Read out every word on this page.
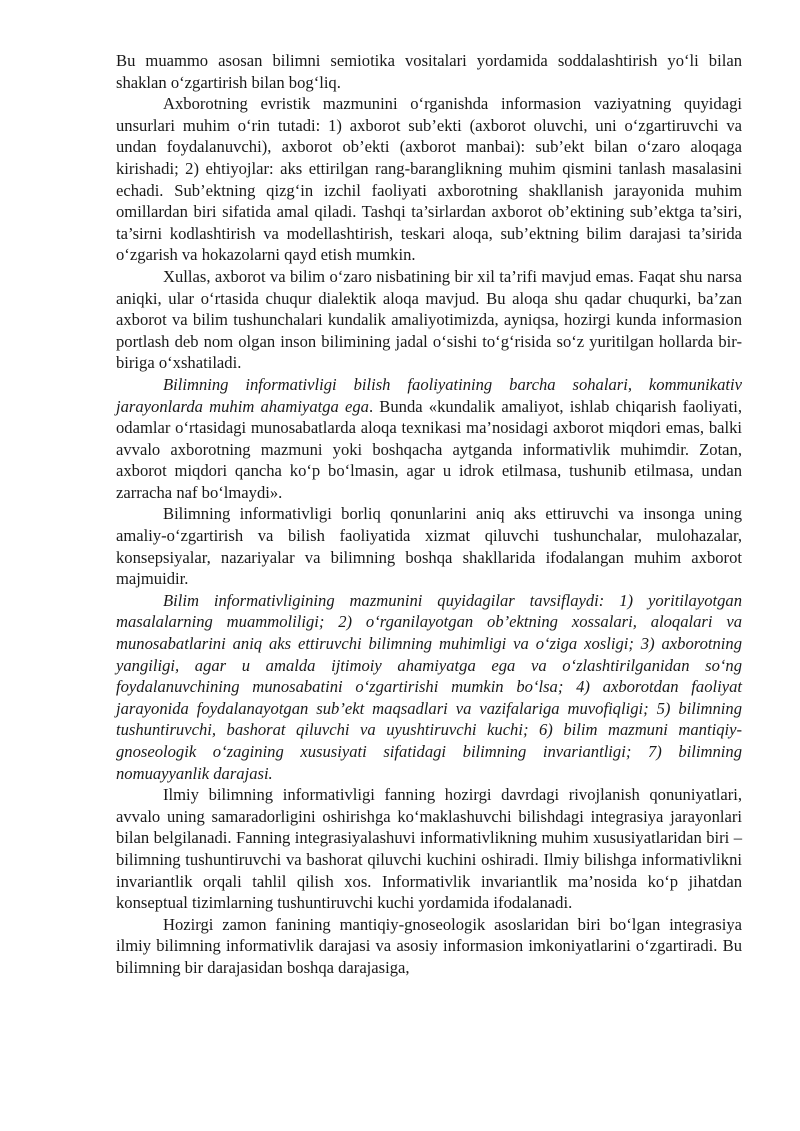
Bu muammo asosan bilimni semiotika vositalari yordamida soddalashtirish yo‘li bilan shaklan o‘zgartirish bilan bog‘liq.

Axborotning evristik mazmunini o‘rganishda informasion vaziyatning quyidagi unsurlari muhim o‘rin tutadi: 1) axborot sub’ekti (axborot oluvchi, uni o‘zgartiruvchi va undan foydalanuvchi), axborot ob’ekti (axborot manbai): sub’ekt bilan o‘zaro aloqaga kirishadi; 2) ehtiyojlar: aks ettirilgan rang-baranglikning muhim qismini tanlash masalasini echadi. Sub’ektning qizg‘in izchil faoliyati axborotning shakllanish jarayonida muhim omillardan biri sifatida amal qiladi. Tashqi ta’sirlardan axborot ob’ektining sub’ektga ta’siri, ta’sirni kodlashtirish va modellashtirish, teskari aloqa, sub’ektning bilim darajasi ta’sirida o‘zgarish va hokazolarni qayd etish mumkin.

Xullas, axborot va bilim o‘zaro nisbatining bir xil ta’rifi mavjud emas. Faqat shu narsa aniqki, ular o‘rtasida chuqur dialektik aloqa mavjud. Bu aloqa shu qadar chuqurki, ba’zan axborot va bilim tushunchalari kundalik amaliyotimizda, ayniqsa, hozirgi kunda informasion portlash deb nom olgan inson bilimining jadal o‘sishi to‘g‘risida so‘z yuritilgan hollarda bir-biriga o‘xshatiladi.

Bilimning informativligi bilish faoliyatining barcha sohalari, kommunikativ jarayonlarda muhim ahamiyatga ega. Bunda «kundalik amaliyot, ishlab chiqarish faoliyati, odamlar o‘rtasidagi munosabatlarda aloqa texnikasi ma’nosidagi axborot miqdori emas, balki avvalo axborotning mazmuni yoki boshqacha aytganda informativlik muhimdir. Zotan, axborot miqdori qancha ko‘p bo‘lmasin, agar u idrok etilmasa, tushunib etilmasa, undan zarracha naf bo‘lmaydi».

Bilimning informativligi borliq qonunlarini aniq aks ettiruvchi va insonga uning amaliy-o‘zgartirish va bilish faoliyatida xizmat qiluvchi tushunchalar, mulohazalar, konsepsiyalar, nazariyalar va bilimning boshqa shakllarida ifodalangan muhim axborot majmuidir.

Bilim informativligining mazmunini quyidagilar tavsiflaydi: 1) yoritilayotgan masalalarning muammoliligi; 2) o‘rganilayotgan ob’ektning xossalari, aloqalari va munosabatlarini aniq aks ettiruvchi bilimning muhimligi va o‘ziga xosligi; 3) axborotning yangiligi, agar u amalda ijtimoiy ahamiyatga ega va o‘zlashtirilganidan so‘ng foydalanuvchining munosabatini o‘zgartirishi mumkin bo‘lsa; 4) axborotdan faoliyat jarayonida foydalanayotgan sub’ekt maqsadlari va vazifalariga muvofiqligi; 5) bilimning tushuntiruvchi, bashorat qiluvchi va uyushtiruvchi kuchi; 6) bilim mazmuni mantiqiy-gnoseologik o‘zagining xususiyati sifatidagi bilimning invariantligi; 7) bilimning nomuayyanlik darajasi.

Ilmiy bilimning informativligi fanning hozirgi davrdagi rivojlanish qonuniyatlari, avvalo uning samaradorligini oshirishga ko‘maklashuvchi bilishdagi integrasiya jarayonlari bilan belgilanadi. Fanning integrasiyalashuvi informativlikning muhim xususiyatlaridan biri – bilimning tushuntiruvchi va bashorat qiluvchi kuchini oshiradi. Ilmiy bilishga informativlikni invariantlik orqali tahlil qilish xos. Informativlik invariantlik ma’nosida ko‘p jihatdan konseptual tizimlarning tushuntiruvchi kuchi yordamida ifodalanadi.

Hozirgi zamon fanining mantiqiy-gnoseologik asoslaridan biri bo‘lgan integrasiya ilmiy bilimning informativlik darajasi va asosiy informasion imkoniyatlarini o‘zgartiradi. Bu bilimning bir darajasidan boshqa darajasiga,
